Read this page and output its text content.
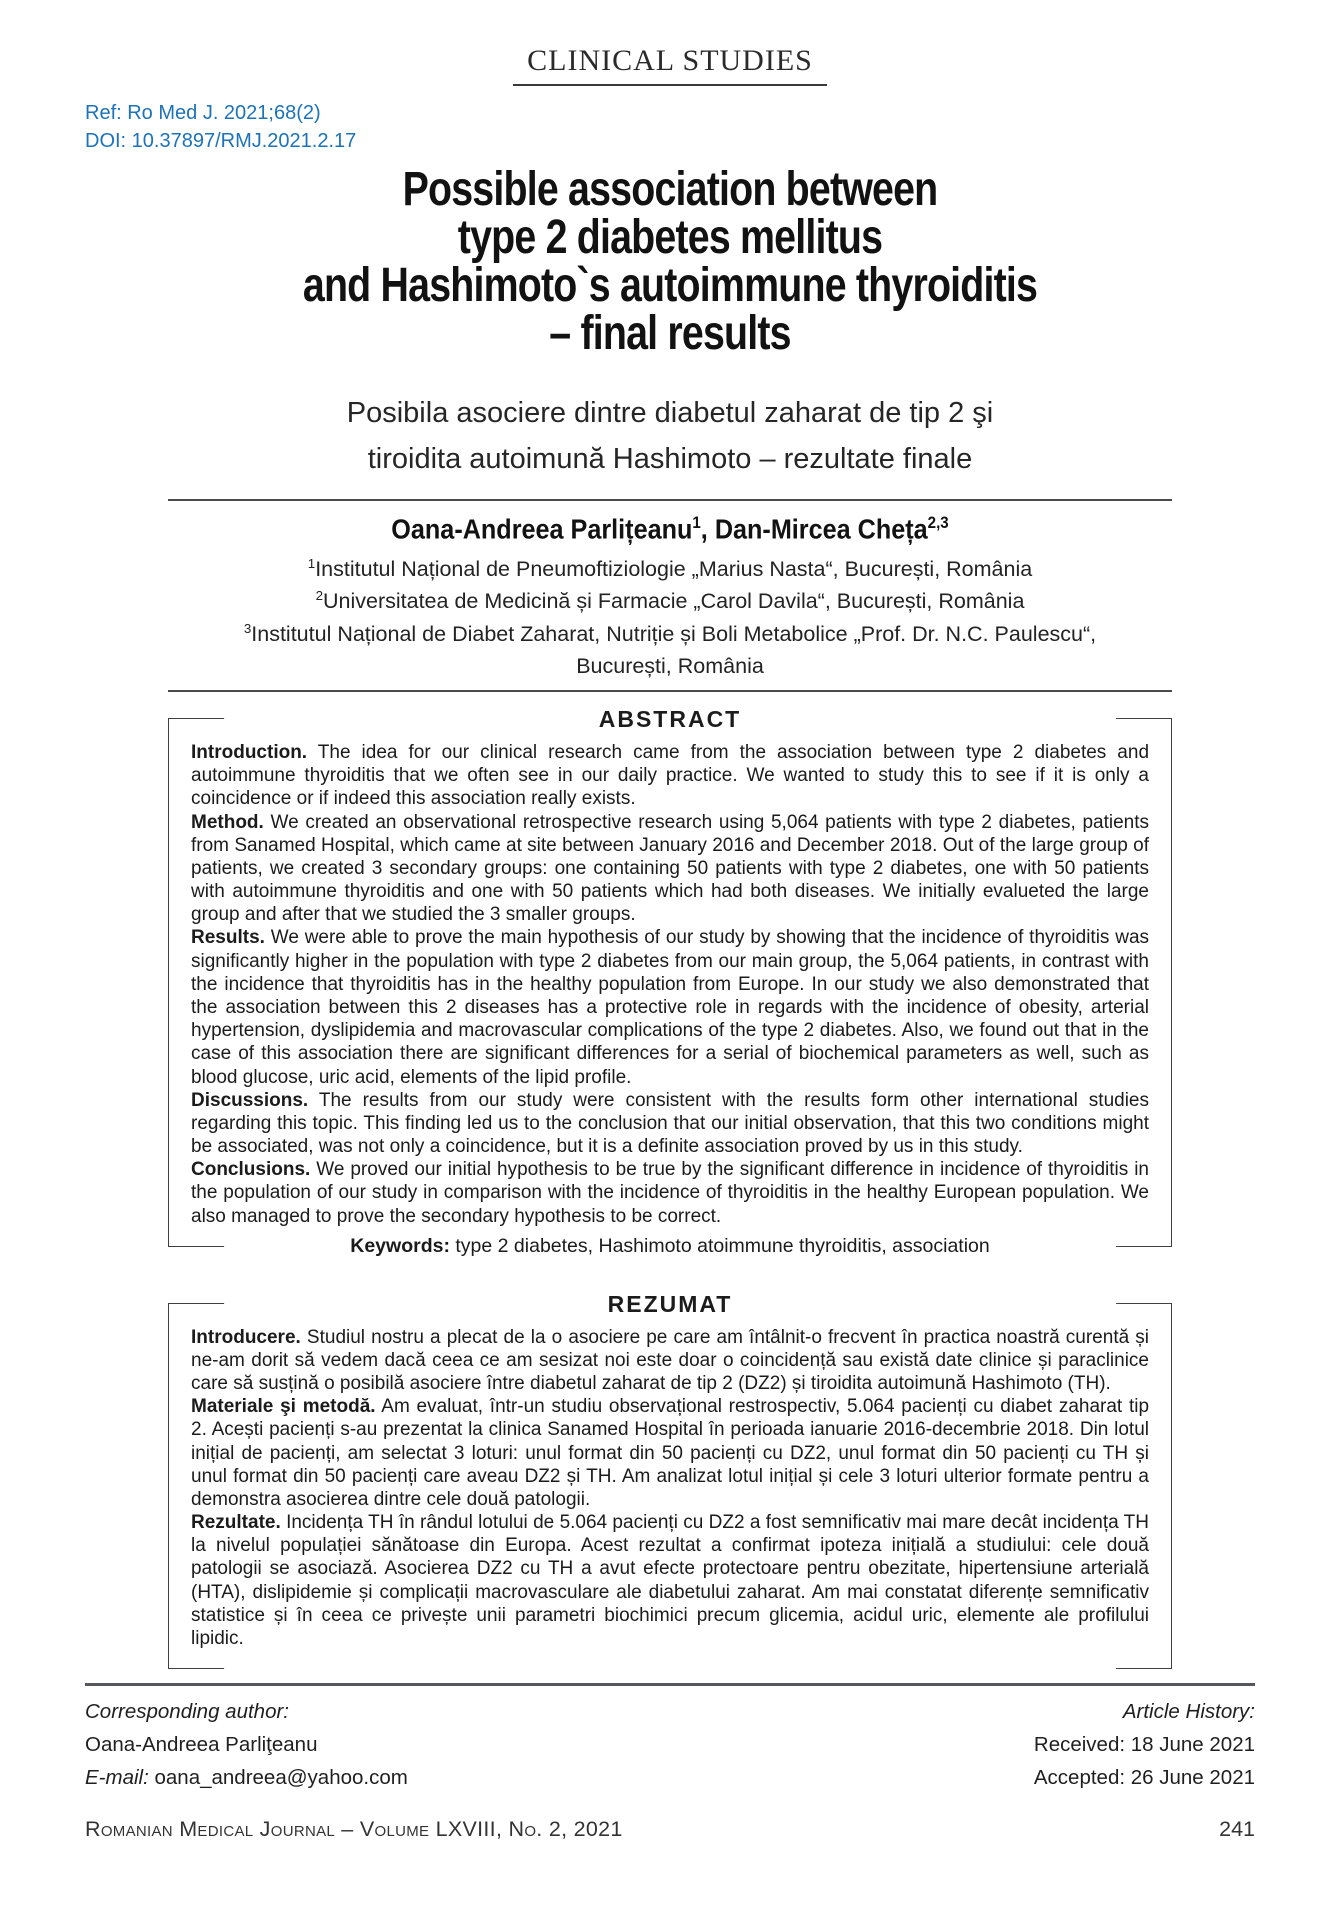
CLINICAL STUDIES
Ref: Ro Med J. 2021;68(2)
DOI: 10.37897/RMJ.2021.2.17
Possible association between
type 2 diabetes mellitus
and Hashimoto`s autoimmune thyroiditis
– final results
Posibila asociere dintre diabetul zaharat de tip 2 şi
tiroidita autoimună Hashimoto – rezultate finale
Oana-Andreea Parlițeanu$^1$, Dan-Mircea Cheța$^{2,3}$
$^1$Institutul Național de Pneumoftiziologie „Marius Nasta“, București, România
$^2$Universitatea de Medicină și Farmacie „Carol Davila“, București, România
$^3$Institutul Național de Diabet Zaharat, Nutriție și Boli Metabolice „Prof. Dr. N.C. Paulescu“,
București, România
ABSTRACT

Introduction. The idea for our clinical research came from the association between type 2 diabetes and autoimmune thyroiditis that we often see in our daily practice. We wanted to study this to see if it is only a coincidence or if indeed this association really exists.

Method. We created an observational retrospective research using 5,064 patients with type 2 diabetes, patients from Sanamed Hospital, which came at site between January 2016 and December 2018. Out of the large group of patients, we created 3 secondary groups: one containing 50 patients with type 2 diabetes, one with 50 patients with autoimmune thyroiditis and one with 50 patients which had both diseases. We initially evalueted the large group and after that we studied the 3 smaller groups.

Results. We were able to prove the main hypothesis of our study by showing that the incidence of thyroiditis was significantly higher in the population with type 2 diabetes from our main group, the 5,064 patients, in contrast with the incidence that thyroiditis has in the healthy population from Europe. In our study we also demonstrated that the association between this 2 diseases has a protective role in regards with the incidence of obesity, arterial hypertension, dyslipidemia and macrovascular complications of the type 2 diabetes. Also, we found out that in the case of this association there are significant differences for a serial of biochemical parameters as well, such as blood glucose, uric acid, elements of the lipid profile.

Discussions. The results from our study were consistent with the results form other international studies regarding this topic. This finding led us to the conclusion that our initial observation, that this two conditions might be associated, was not only a coincidence, but it is a definite association proved by us in this study.

Conclusions. We proved our initial hypothesis to be true by the significant difference in incidence of thyroiditis in the population of our study in comparison with the incidence of thyroiditis in the healthy European population. We also managed to prove the secondary hypothesis to be correct.

Keywords: type 2 diabetes, Hashimoto atoimmune thyroiditis, association
REZUMAT

Introducere. Studiul nostru a plecat de la o asociere pe care am întâlnit-o frecvent în practica noastră curentă și ne-am dorit să vedem dacă ceea ce am sesizat noi este doar o coincidență sau există date clinice și paraclinice care să susțină o posibilă asociere între diabetul zaharat de tip 2 (DZ2) și tiroidita autoimună Hashimoto (TH).

Materiale şi metodă. Am evaluat, într-un studiu observațional restrospectiv, 5.064 pacienți cu diabet zaharat tip 2. Acești pacienți s-au prezentat la clinica Sanamed Hospital în perioada ianuarie 2016-decembrie 2018. Din lotul inițial de pacienți, am selectat 3 loturi: unul format din 50 pacienți cu DZ2, unul format din 50 pacienți cu TH și unul format din 50 pacienți care aveau DZ2 și TH. Am analizat lotul inițial și cele 3 loturi ulterior formate pentru a demonstra asocierea dintre cele două patologii.

Rezultate. Incidența TH în rândul lotului de 5.064 pacienți cu DZ2 a fost semnificativ mai mare decât incidența TH la nivelul populației sănătoase din Europa. Acest rezultat a confirmat ipoteza inițială a studiului: cele două patologii se asociază. Asocierea DZ2 cu TH a avut efecte protectoare pentru obezitate, hipertensiune arterială (HTA), dislipidemie și complicații macrovasculare ale diabetului zaharat. Am mai constatat diferențe semnificativ statistice și în ceea ce privește unii parametri biochimici precum glicemia, acidul uric, elemente ale profilului lipidic.

Corresponding author:
Oana-Andreea Parliţeanu
E-mail: oana_andreea@yahoo.com
Article History:
Received: 18 June 2021
Accepted: 26 June 2021
Romanian Medical Journal – Volume LXVIII, No. 2, 2021	241
